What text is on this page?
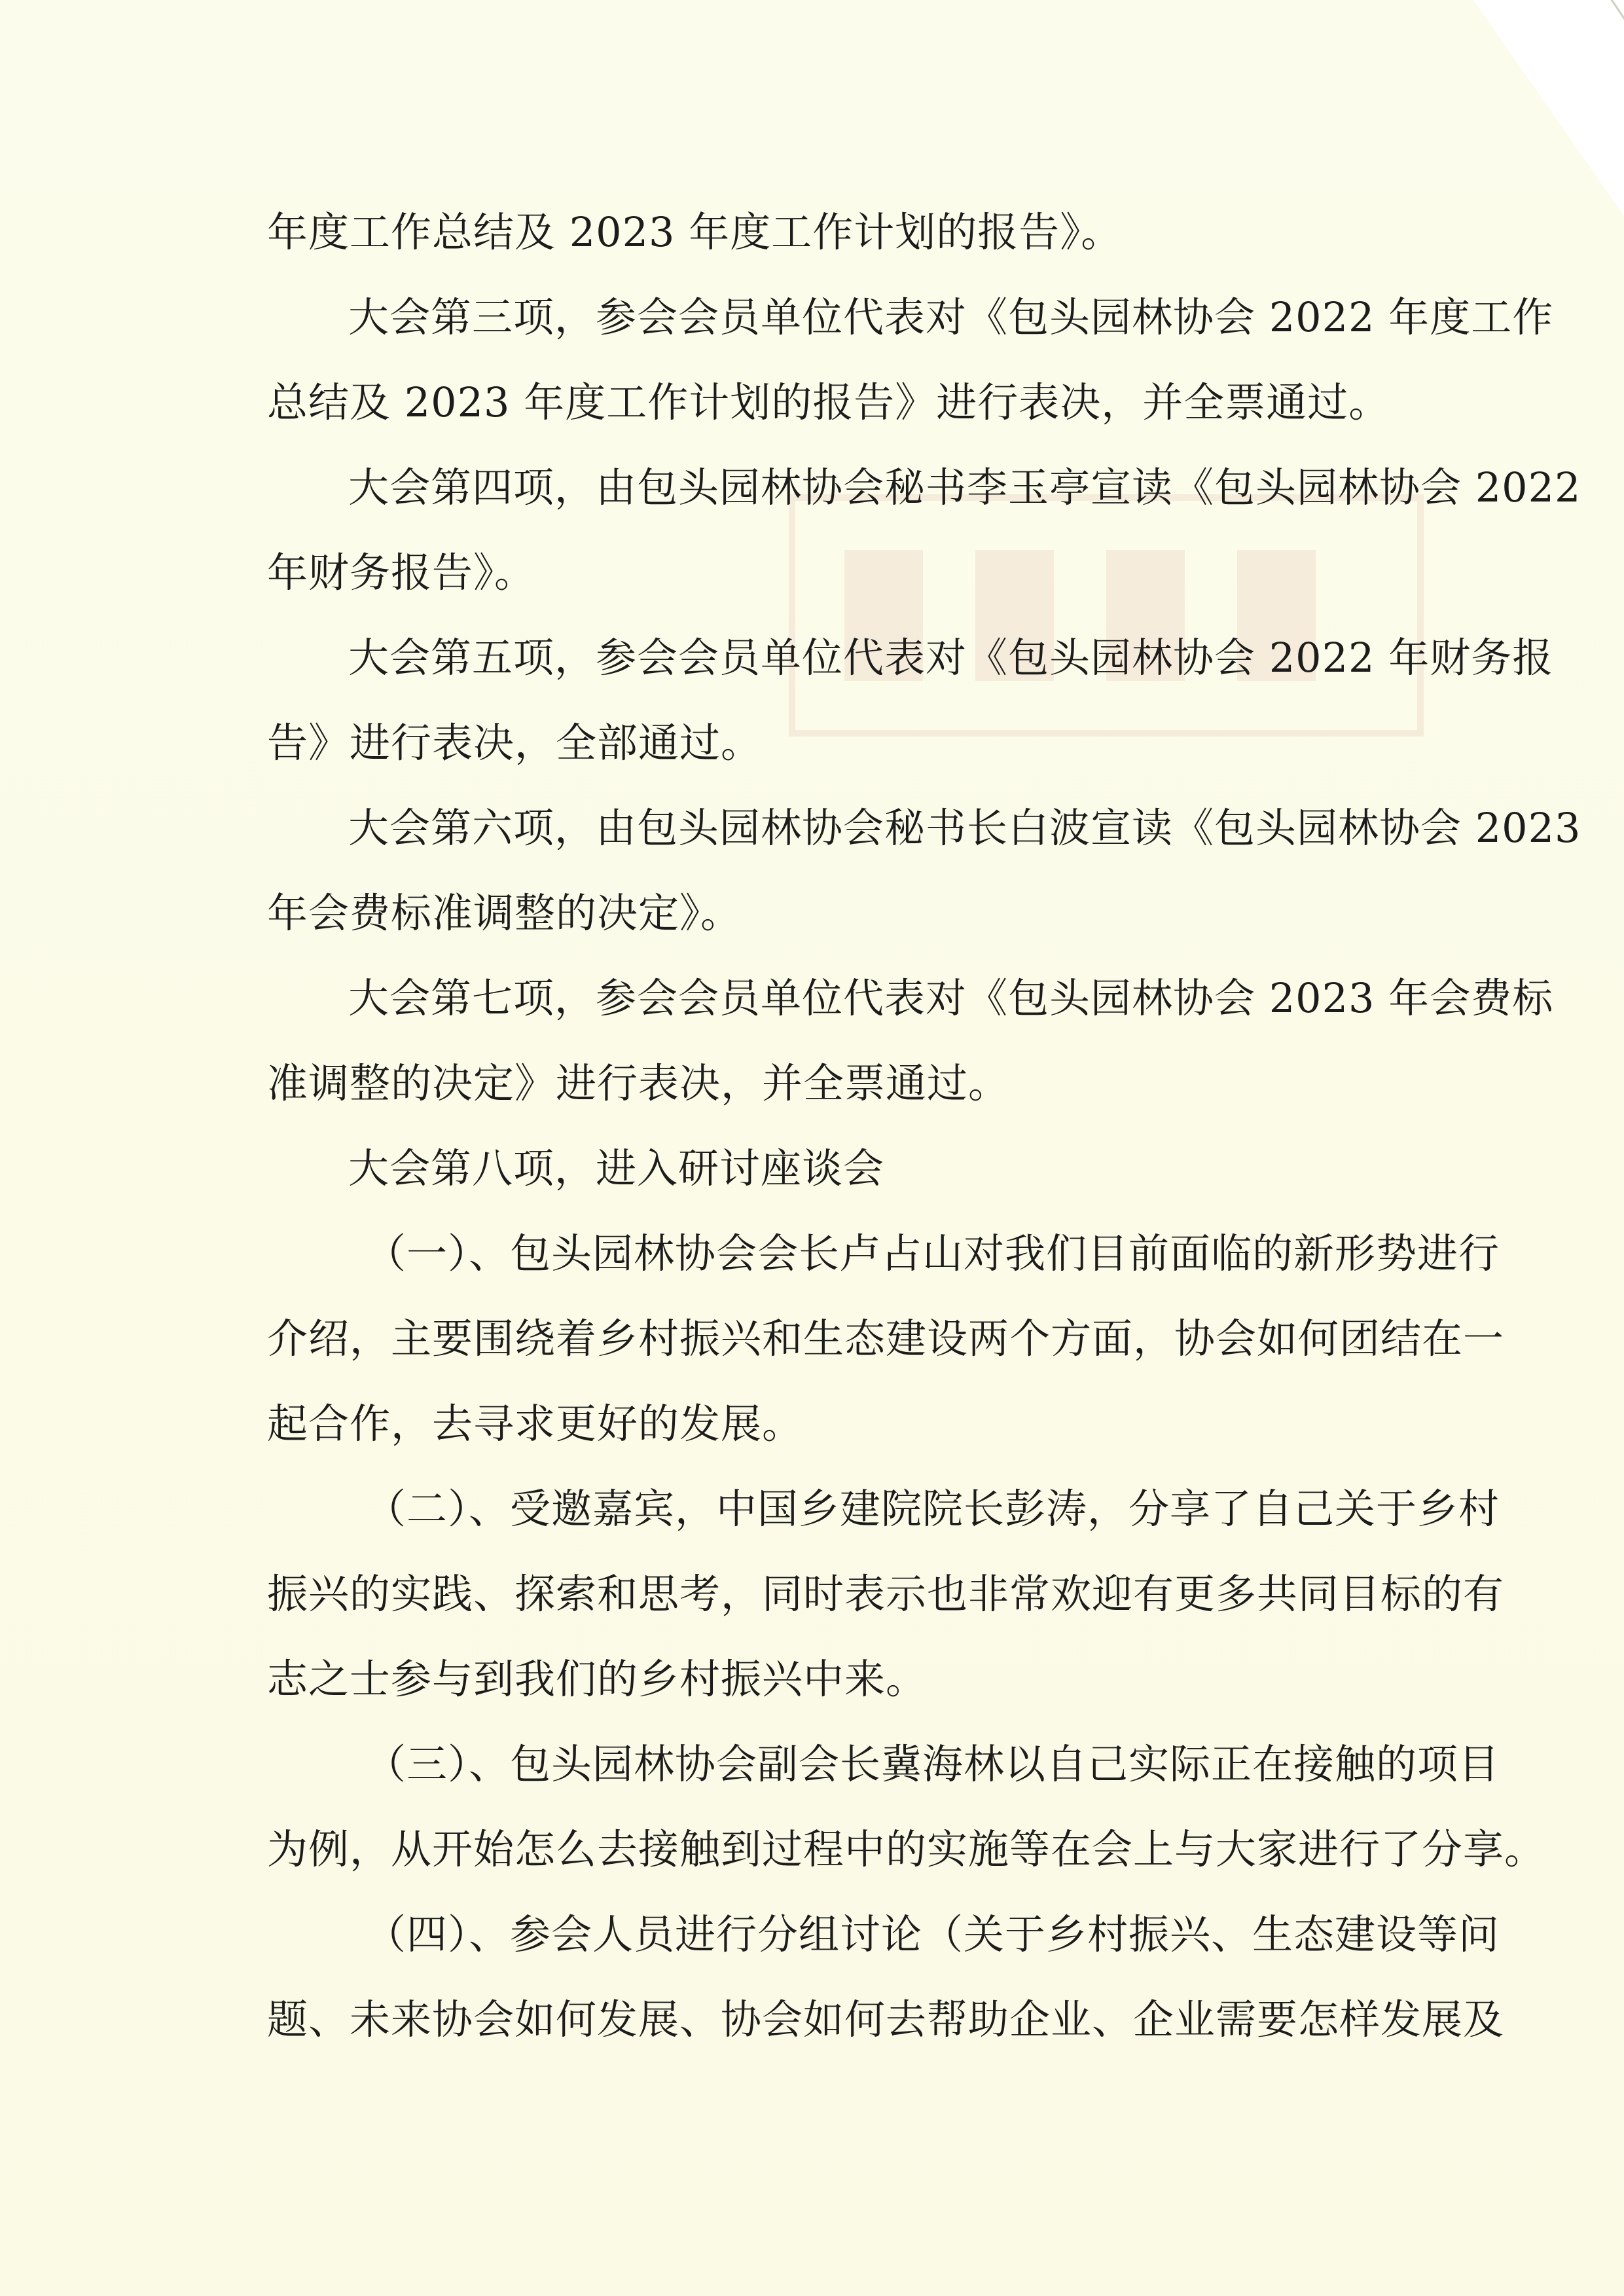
年度工作总结及 2023 年度工作计划的报告》。

大会第三项，参会会员单位代表对《包头园林协会 2022 年度工作
总结及 2023 年度工作计划的报告》进行表决，并全票通过。

大会第四项，由包头园林协会秘书李玉亭宣读《包头园林协会 2022
年财务报告》。

大会第五项，参会会员单位代表对《包头园林协会 2022 年财务报
告》进行表决，全部通过。

大会第六项，由包头园林协会秘书长白波宣读《包头园林协会 2023
年会费标准调整的决定》。

大会第七项，参会会员单位代表对《包头园林协会 2023 年会费标
准调整的决定》进行表决，并全票通过。

大会第八项，进入研讨座谈会

（一）、包头园林协会会长卢占山对我们目前面临的新形势进行
介绍，主要围绕着乡村振兴和生态建设两个方面，协会如何团结在一
起合作，去寻求更好的发展。

（二）、受邀嘉宾，中国乡建院院长彭涛，分享了自己关于乡村
振兴的实践、探索和思考，同时表示也非常欢迎有更多共同目标的有
志之士参与到我们的乡村振兴中来。

（三）、包头园林协会副会长冀海林以自己实际正在接触的项目
为例，从开始怎么去接触到过程中的实施等在会上与大家进行了分享。

（四）、参会人员进行分组讨论（关于乡村振兴、生态建设等问
题、未来协会如何发展、协会如何去帮助企业、企业需要怎样发展及
